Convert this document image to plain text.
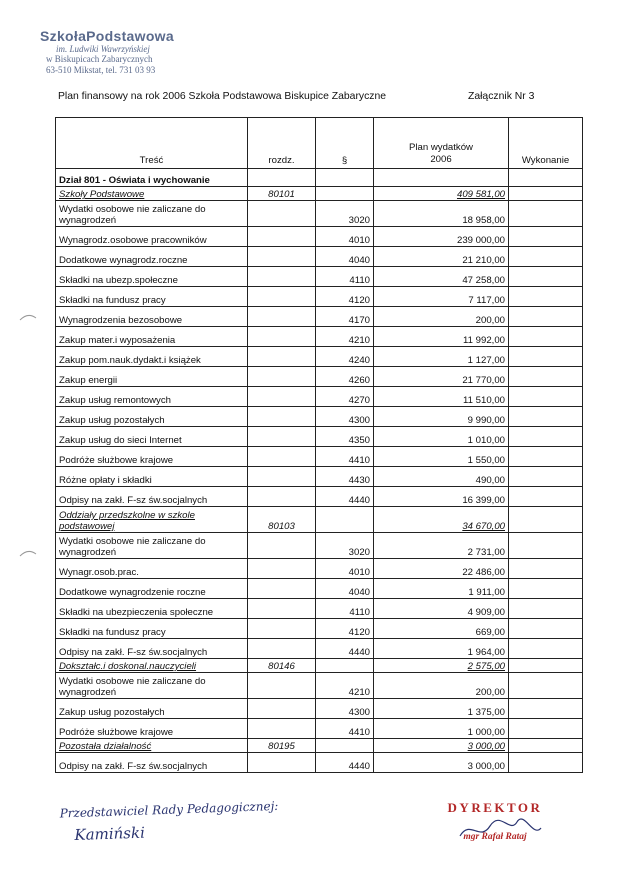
SzkołaPodstawowa
im. Ludwiki Wawrzyńskiej
w Biskupicach Zabarycznych
63-510 Mikstat, tel. 731 03 93
Plan finansowy na rok 2006 Szkoła Podstawowa Biskupice Zabaryczne	Załącznik Nr 3
Treść	rozdz.	§	Plan wydatków 2006	Wykonanie
Dział 801 - Oświata i wychowanie				
Szkoły Podstawowe	80101		409 581,00	
Wydatki osobowe nie zaliczane do wynagrodzeń		3020	18 958,00	
Wynagrodz.osobowe pracowników		4010	239 000,00	
Dodatkowe wynagrodz.roczne		4040	21 210,00	
Składki na ubezp.społeczne		4110	47 258,00	
Składki na fundusz pracy		4120	7 117,00	
Wynagrodzenia bezosobowe		4170	200,00	
Zakup mater.i wyposażenia		4210	11 992,00	
Zakup pom.nauk.dydakt.i książek		4240	1 127,00	
Zakup energii		4260	21 770,00	
Zakup usług remontowych		4270	11 510,00	
Zakup usług pozostałych		4300	9 990,00	
Zakup usług do sieci Internet		4350	1 010,00	
Podróże służbowe krajowe		4410	1 550,00	
Różne opłaty i składki		4430	490,00	
Odpisy na zakł. F-sz św.socjalnych		4440	16 399,00	
Oddziały przedszkolne w szkole podstawowej	80103		34 670,00	
Wydatki osobowe nie zaliczane do wynagrodzeń		3020	2 731,00	
Wynagr.osob.prac.		4010	22 486,00	
Dodatkowe wynagrodzenie roczne		4040	1 911,00	
Składki na ubezpieczenia społeczne		4110	4 909,00	
Składki na fundusz pracy		4120	669,00	
Odpisy na zakł. F-sz św.socjalnych		4440	1 964,00	
Dokształc.i doskonal.nauczycieli	80146		2 575,00	
Wydatki osobowe nie zaliczane do wynagrodzeń		4210	200,00	
Zakup usług pozostałych		4300	1 375,00	
Podróże służbowe krajowe		4410	1 000,00	
Pozostała działalność	80195		3 000,00	
Odpisy na zakł. F-sz św.socjalnych		4440	3 000,00	
Przedstawiciel Rady Pedagogicznej:
Kamiński
DYREKTOR
mgr Rafał Rataj
